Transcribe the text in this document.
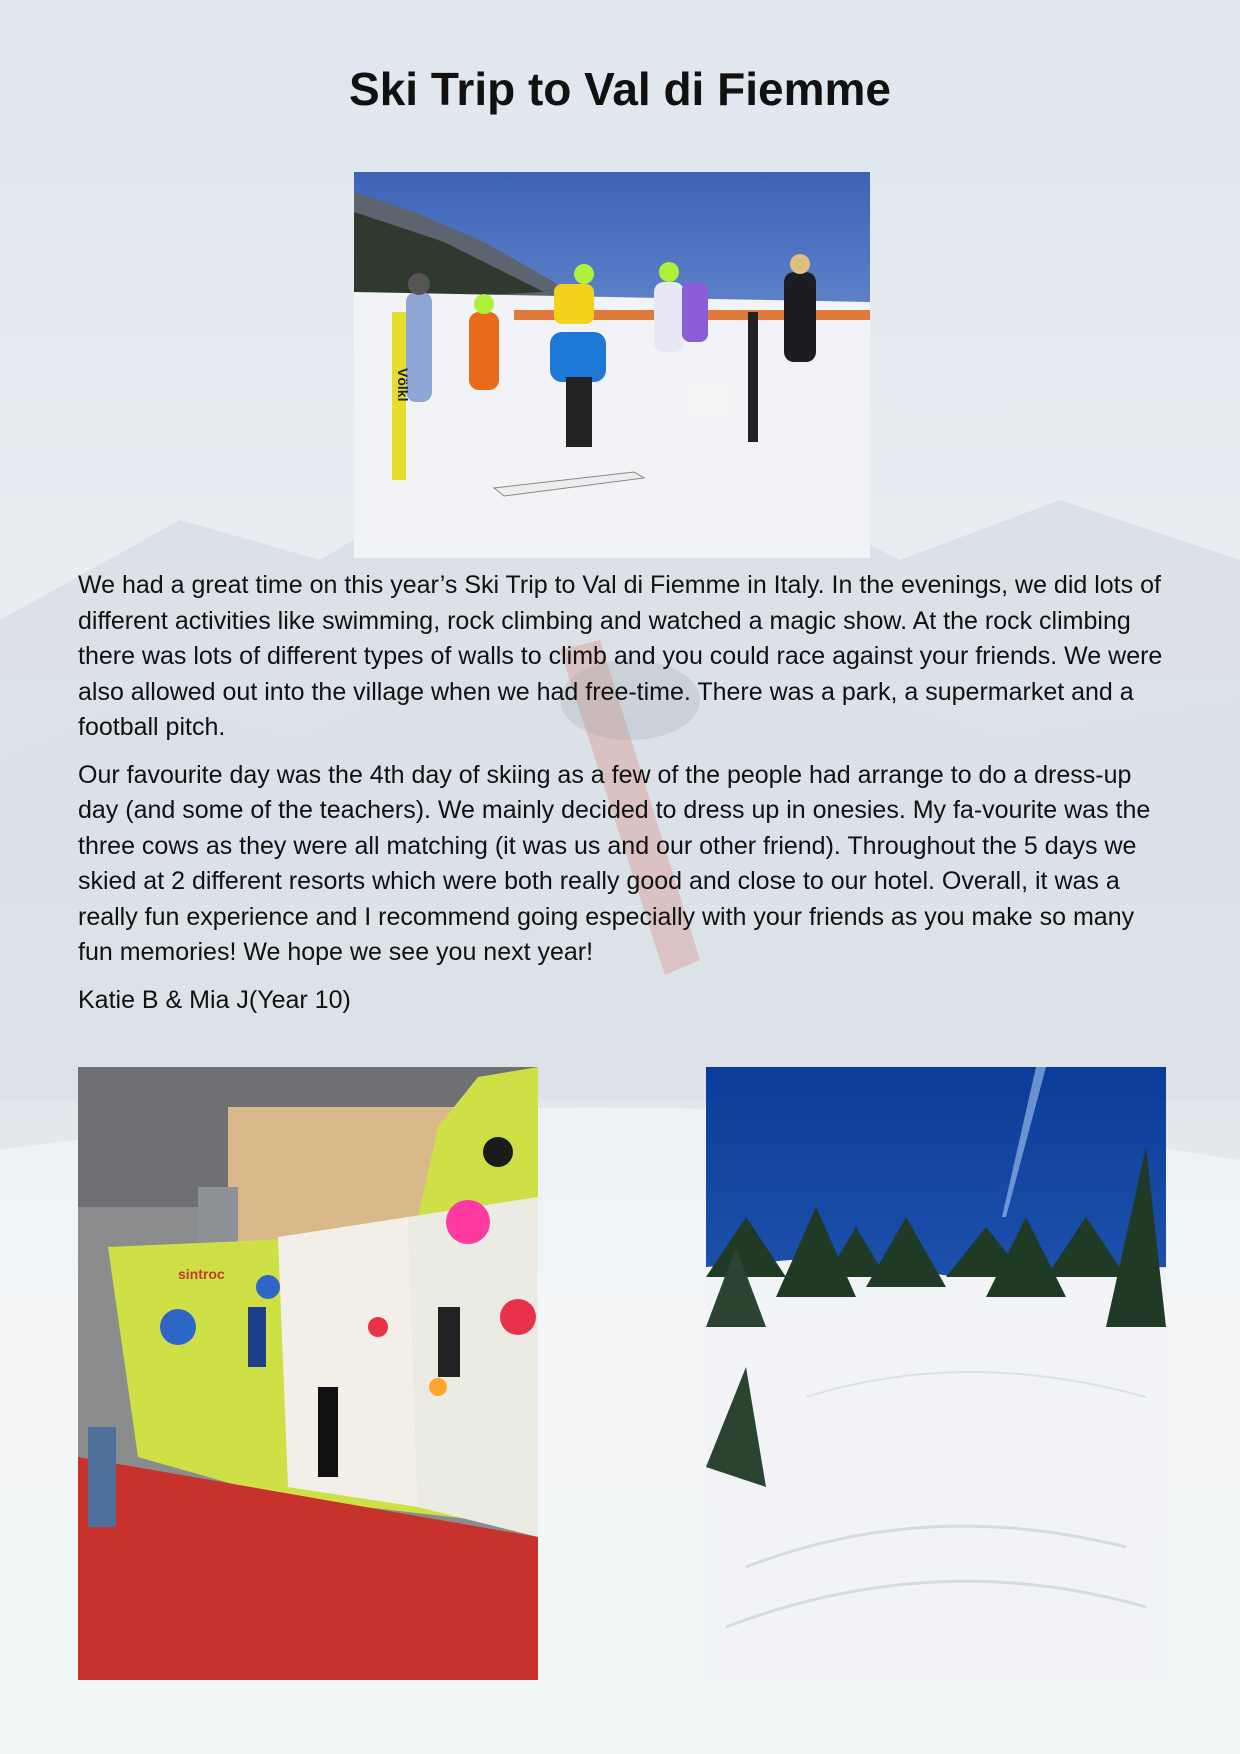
Ski Trip to Val di Fiemme
Völkl

We had a great time on this year’s Ski Trip to Val di Fiemme in Italy. In the evenings, we did lots of different activities like swimming, rock climbing and watched a magic show. At the rock climbing there was lots of different types of walls to climb and you could race against your friends. We were also allowed out into the village when we had free-time. There was a park, a supermarket and a football pitch.

Our favourite day was the 4th day of skiing as a few of the people had arrange to do a dress-up day (and some of the teachers). We mainly decided to dress up in onesies. My fa-vourite was the three cows as they were all matching (it was us and our other friend). Throughout the 5 days we skied at 2 different resorts which were both really good and close to our hotel. Overall, it was a really fun experience and I recommend going especially with your friends as you make so many fun memories! We hope we see you next year!

Katie B & Mia J(Year 10)

sintroc
